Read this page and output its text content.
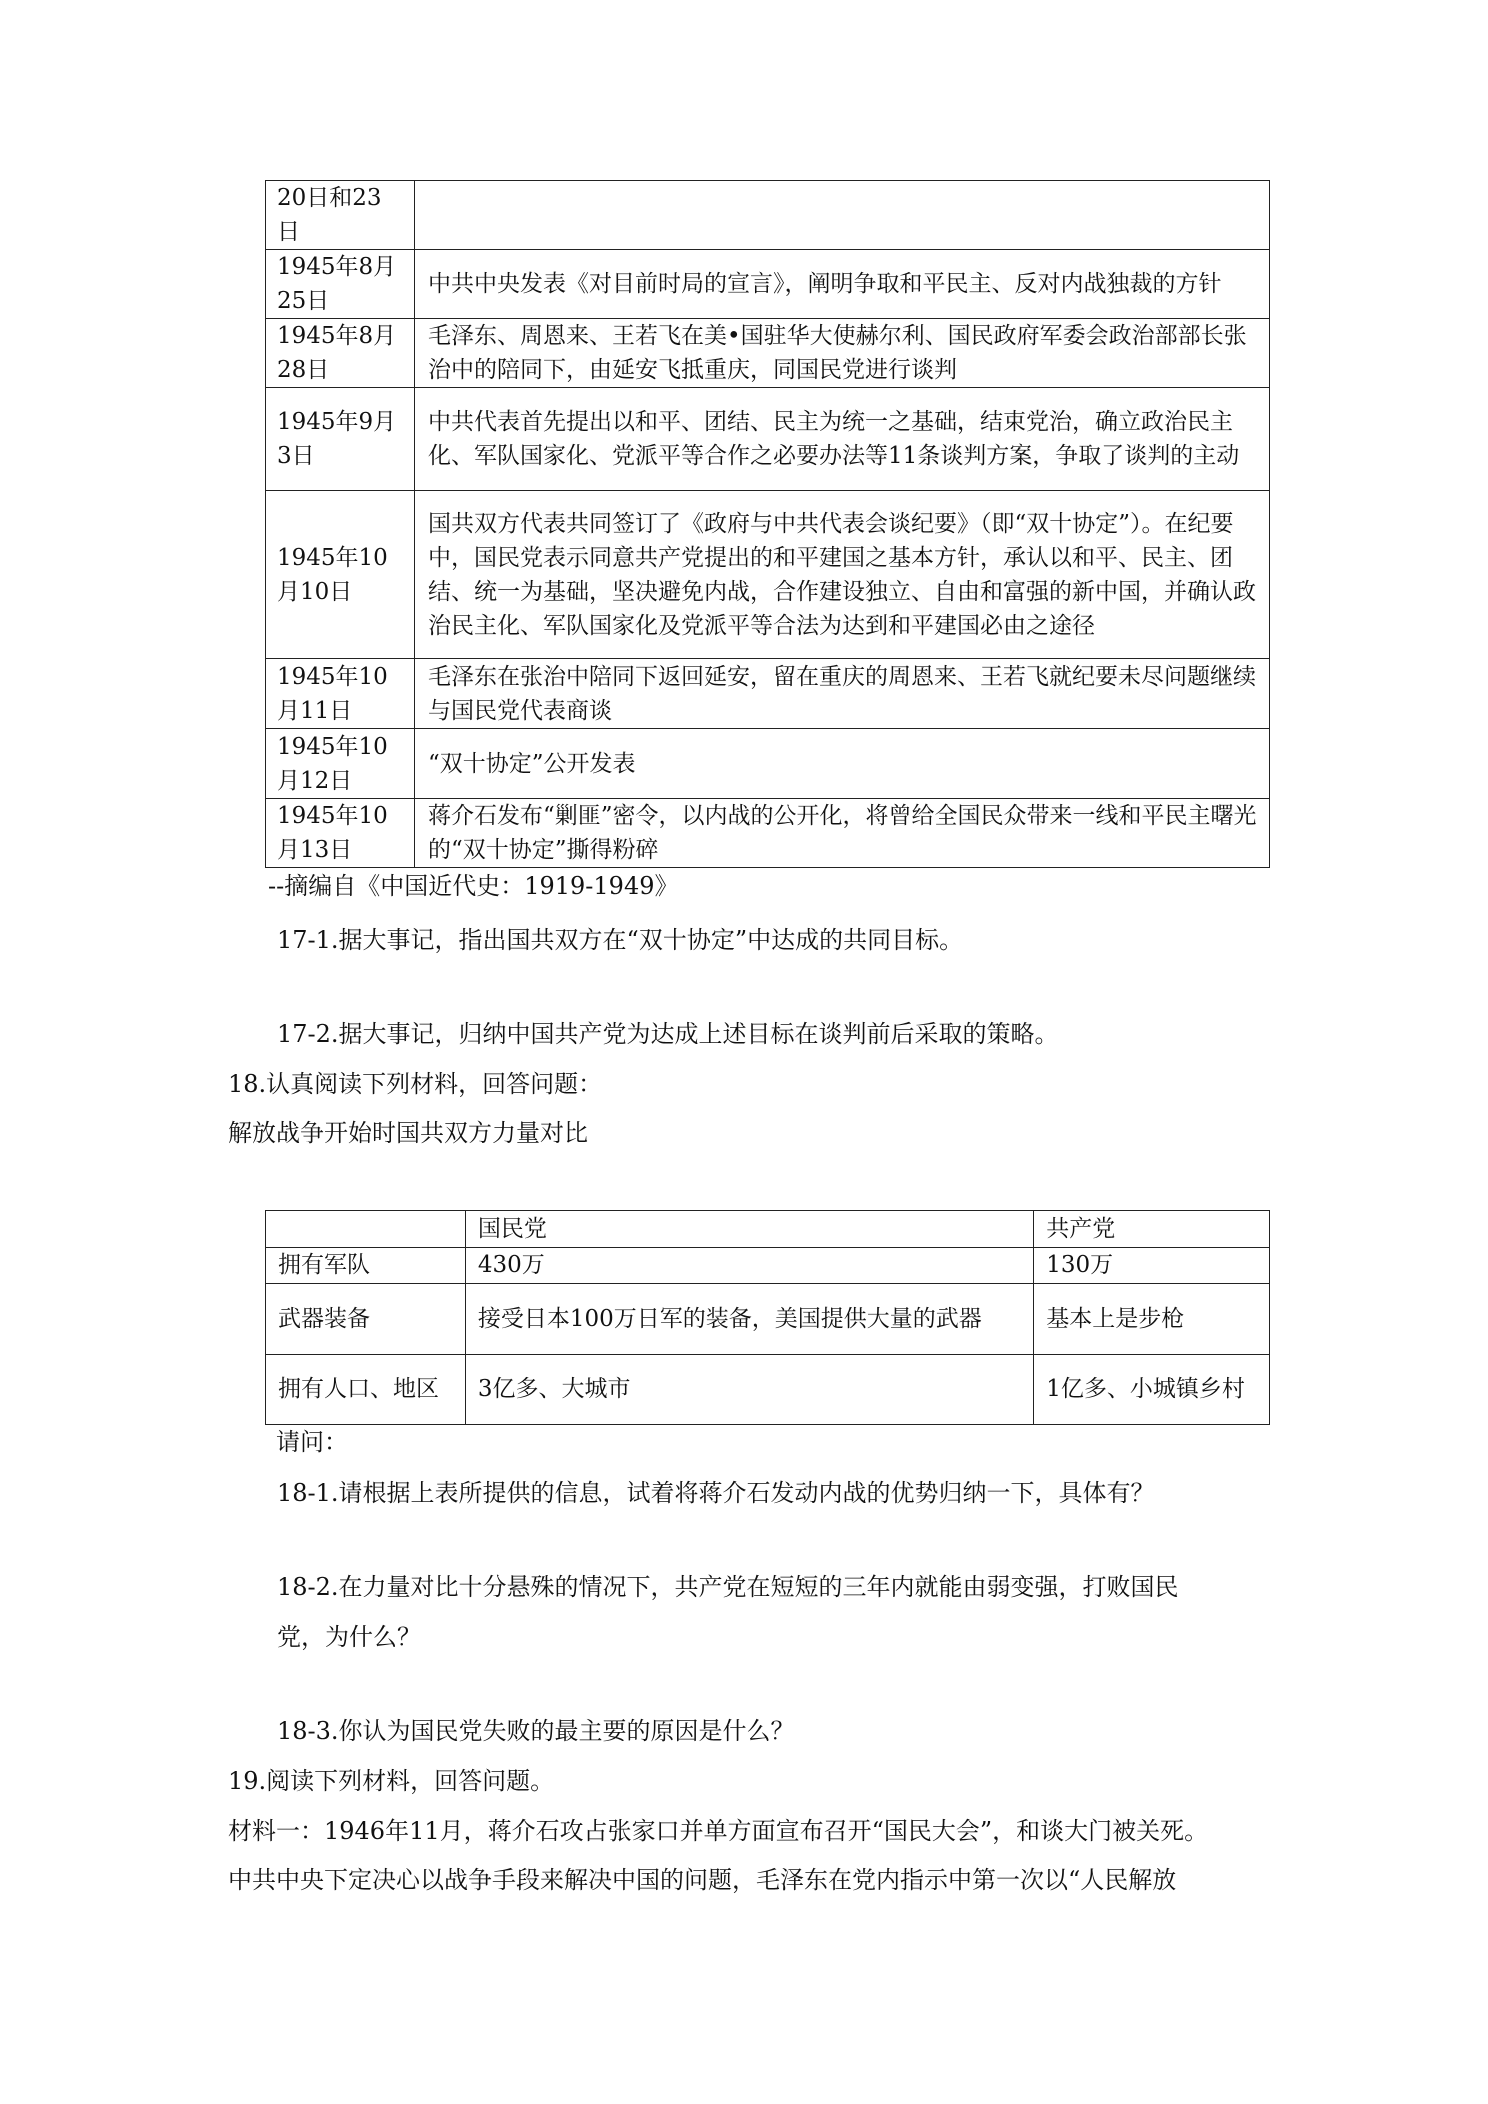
20日和23日	
1945年8月25日	中共中央发表《对目前时局的宣言》，阐明争取和平民主、反对内战独裁的方针
1945年8月28日	毛泽东、周恩来、王若飞在美•国驻华大使赫尔利、国民政府军委会政治部部长张治中的陪同下，由延安飞抵重庆，同国民党进行谈判
1945年9月3日	中共代表首先提出以和平、团结、民主为统一之基础，结束党治，确立政治民主化、军队国家化、党派平等合作之必要办法等11条谈判方案，争取了谈判的主动
1945年10月10日	国共双方代表共同签订了《政府与中共代表会谈纪要》（即“双十协定”）。在纪要中，国民党表示同意共产党提出的和平建国之基本方针，承认以和平、民主、团结、统一为基础，坚决避免内战，合作建设独立、自由和富强的新中国，并确认政治民主化、军队国家化及党派平等合法为达到和平建国必由之途径
1945年10月11日	毛泽东在张治中陪同下返回延安，留在重庆的周恩来、王若飞就纪要未尽问题继续与国民党代表商谈
1945年10月12日	“双十协定”公开发表
1945年10月13日	蒋介石发布“剿匪”密令，以内战的公开化，将曾给全国民众带来一线和平民主曙光的“双十协定”撕得粉碎
--摘编自《中国近代史：1919-1949》
17-1.据大事记，指出国共双方在“双十协定”中达成的共同目标。
17-2.据大事记，归纳中国共产党为达成上述目标在谈判前后采取的策略。
18.认真阅读下列材料，回答问题：
解放战争开始时国共双方力量对比
	国民党	共产党
拥有军队	430万	130万
武器装备	接受日本100万日军的装备，美国提供大量的武器	基本上是步枪
拥有人口、地区	3亿多、大城市	1亿多、小城镇乡村
请问：
18-1.请根据上表所提供的信息，试着将蒋介石发动内战的优势归纳一下，具体有？
18-2.在力量对比十分悬殊的情况下，共产党在短短的三年内就能由弱变强，打败国民
党，为什么？
18-3.你认为国民党失败的最主要的原因是什么？
19.阅读下列材料，回答问题。
材料一：1946年11月，蒋介石攻占张家口并单方面宣布召开“国民大会”，和谈大门被关死。
中共中央下定决心以战争手段来解决中国的问题，毛泽东在党内指示中第一次以“人民解放
